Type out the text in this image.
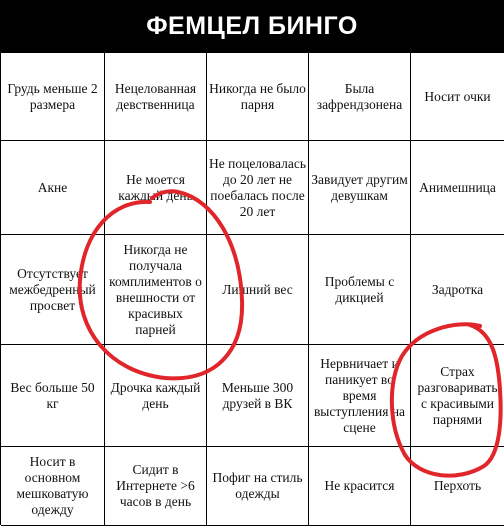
ФЕМЦЕЛ БИНГО
Грудь меньше 2 размера
Нецелованная девственница
Никогда не было парня
Была зафрендзонена
Носит очки
Акне
Не моется каждый день
Не поцеловалась до 20 лет не поебалась после 20 лет
Завидует другим девушкам
Анимешница
Отсутствует межбедренный просвет
Никогда не получала комплиментов о внешности от красивых парней
Лишний вес
Проблемы с дикцией
Задротка
Вес больше 50 кг
Дрочка каждый день
Меньше 300 друзей в ВК
Нервничает и паникует во время выступления на сцене
Страх разговаривать с красивыми парнями
Носит в основном мешковатую одежду
Сидит в Интернете >6 часов в день
Пофиг на стиль одежды
Не красится	Перхоть
